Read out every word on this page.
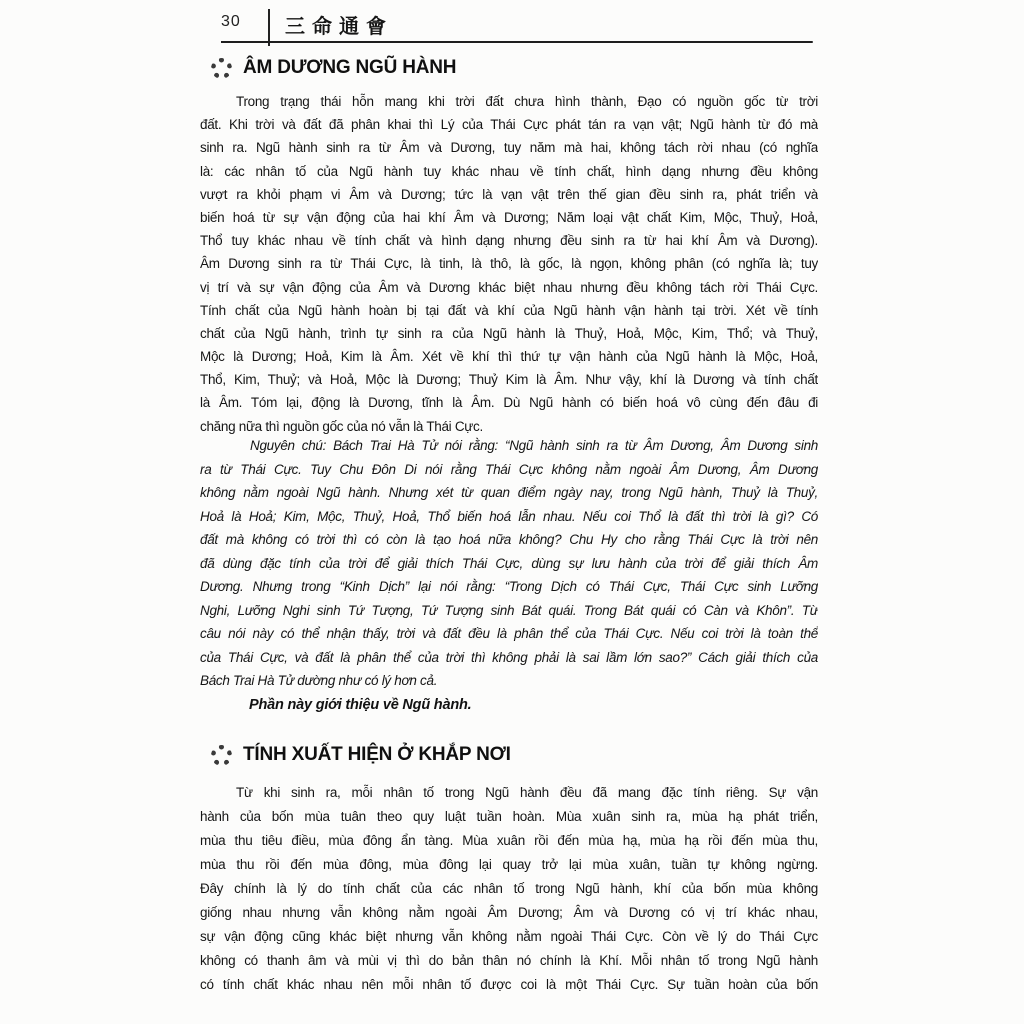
30 三命通會
ÂM DƯƠNG NGŨ HÀNH
Trong trạng thái hỗn mang khi trời đất chưa hình thành, Đạo có nguồn gốc từ trời
đất. Khi trời và đất đã phân khai thì Lý của Thái Cực phát tán ra vạn vật; Ngũ hành từ đó mà
sinh ra. Ngũ hành sinh ra từ Âm và Dương, tuy năm mà hai, không tách rời nhau (có nghĩa
là: các nhân tố của Ngũ hành tuy khác nhau về tính chất, hình dạng nhưng đều không
vượt ra khỏi phạm vi Âm và Dương; tức là vạn vật trên thế gian đều sinh ra, phát triển và
biến hoá từ sự vận động của hai khí Âm và Dương; Năm loại vật chất Kim, Mộc, Thuỷ, Hoả,
Thổ tuy khác nhau về tính chất và hình dạng nhưng đều sinh ra từ hai khí Âm và Dương).
Âm Dương sinh ra từ Thái Cực, là tinh, là thô, là gốc, là ngọn, không phân (có nghĩa là; tuy
vị trí và sự vận động của Âm và Dương khác biệt nhau nhưng đều không tách rời Thái Cực.
Tính chất của Ngũ hành hoàn bị tại đất và khí của Ngũ hành vận hành tại trời. Xét về tính
chất của Ngũ hành, trình tự sinh ra của Ngũ hành là Thuỷ, Hoả, Mộc, Kim, Thổ; và Thuỷ,
Mộc là Dương; Hoả, Kim là Âm. Xét về khí thì thứ tự vận hành của Ngũ hành là Mộc, Hoả,
Thổ, Kim, Thuỷ; và Hoả, Mộc là Dương; Thuỷ Kim là Âm. Như vậy, khí là Dương và tính chất
là Âm. Tóm lại, động là Dương, tĩnh là Âm. Dù Ngũ hành có biến hoá vô cùng đến đâu đi
chăng nữa thì nguồn gốc của nó vẫn là Thái Cực.
Nguyên chú: Bách Trai Hà Tử nói rằng: “Ngũ hành sinh ra từ Âm Dương, Âm Dương sinh
ra từ Thái Cực. Tuy Chu Đôn Di nói rằng Thái Cực không nằm ngoài Âm Dương, Âm Dương
không nằm ngoài Ngũ hành. Nhưng xét từ quan điểm ngày nay, trong Ngũ hành, Thuỷ là Thuỷ,
Hoả là Hoả; Kim, Mộc, Thuỷ, Hoả, Thổ biến hoá lẫn nhau. Nếu coi Thổ là đất thì trời là gì? Có
đất mà không có trời thì có còn là tạo hoá nữa không? Chu Hy cho rằng Thái Cực là trời nên
đã dùng đặc tính của trời để giải thích Thái Cực, dùng sự lưu hành của trời để giải thích Âm
Dương. Nhưng trong “Kinh Dịch” lại nói rằng: “Trong Dịch có Thái Cực, Thái Cực sinh Lưỡng
Nghi, Lưỡng Nghi sinh Tứ Tượng, Tứ Tượng sinh Bát quái. Trong Bát quái có Càn và Khôn”. Từ
câu nói này có thể nhận thấy, trời và đất đều là phân thể của Thái Cực. Nếu coi trời là toàn thể
của Thái Cực, và đất là phân thể của trời thì không phải là sai lầm lớn sao?” Cách giải thích của
Bách Trai Hà Tử dường như có lý hơn cả.
Phần này giới thiệu về Ngũ hành.
TÍNH XUẤT HIỆN Ở KHẮP NƠI
Từ khi sinh ra, mỗi nhân tố trong Ngũ hành đều đã mang đặc tính riêng. Sự vận
hành của bốn mùa tuân theo quy luật tuần hoàn. Mùa xuân sinh ra, mùa hạ phát triển,
mùa thu tiêu điều, mùa đông ẩn tàng. Mùa xuân rồi đến mùa hạ, mùa hạ rồi đến mùa thu,
mùa thu rồi đến mùa đông, mùa đông lại quay trở lại mùa xuân, tuần tự không ngừng.
Đây chính là lý do tính chất của các nhân tố trong Ngũ hành, khí của bốn mùa không
giống nhau nhưng vẫn không nằm ngoài Âm Dương; Âm và Dương có vị trí khác nhau,
sự vận động cũng khác biệt nhưng vẫn không nằm ngoài Thái Cực. Còn về lý do Thái Cực
không có thanh âm và mùi vị thì do bản thân nó chính là Khí. Mỗi nhân tố trong Ngũ hành
có tính chất khác nhau nên mỗi nhân tố được coi là một Thái Cực. Sự tuần hoàn của bốn
